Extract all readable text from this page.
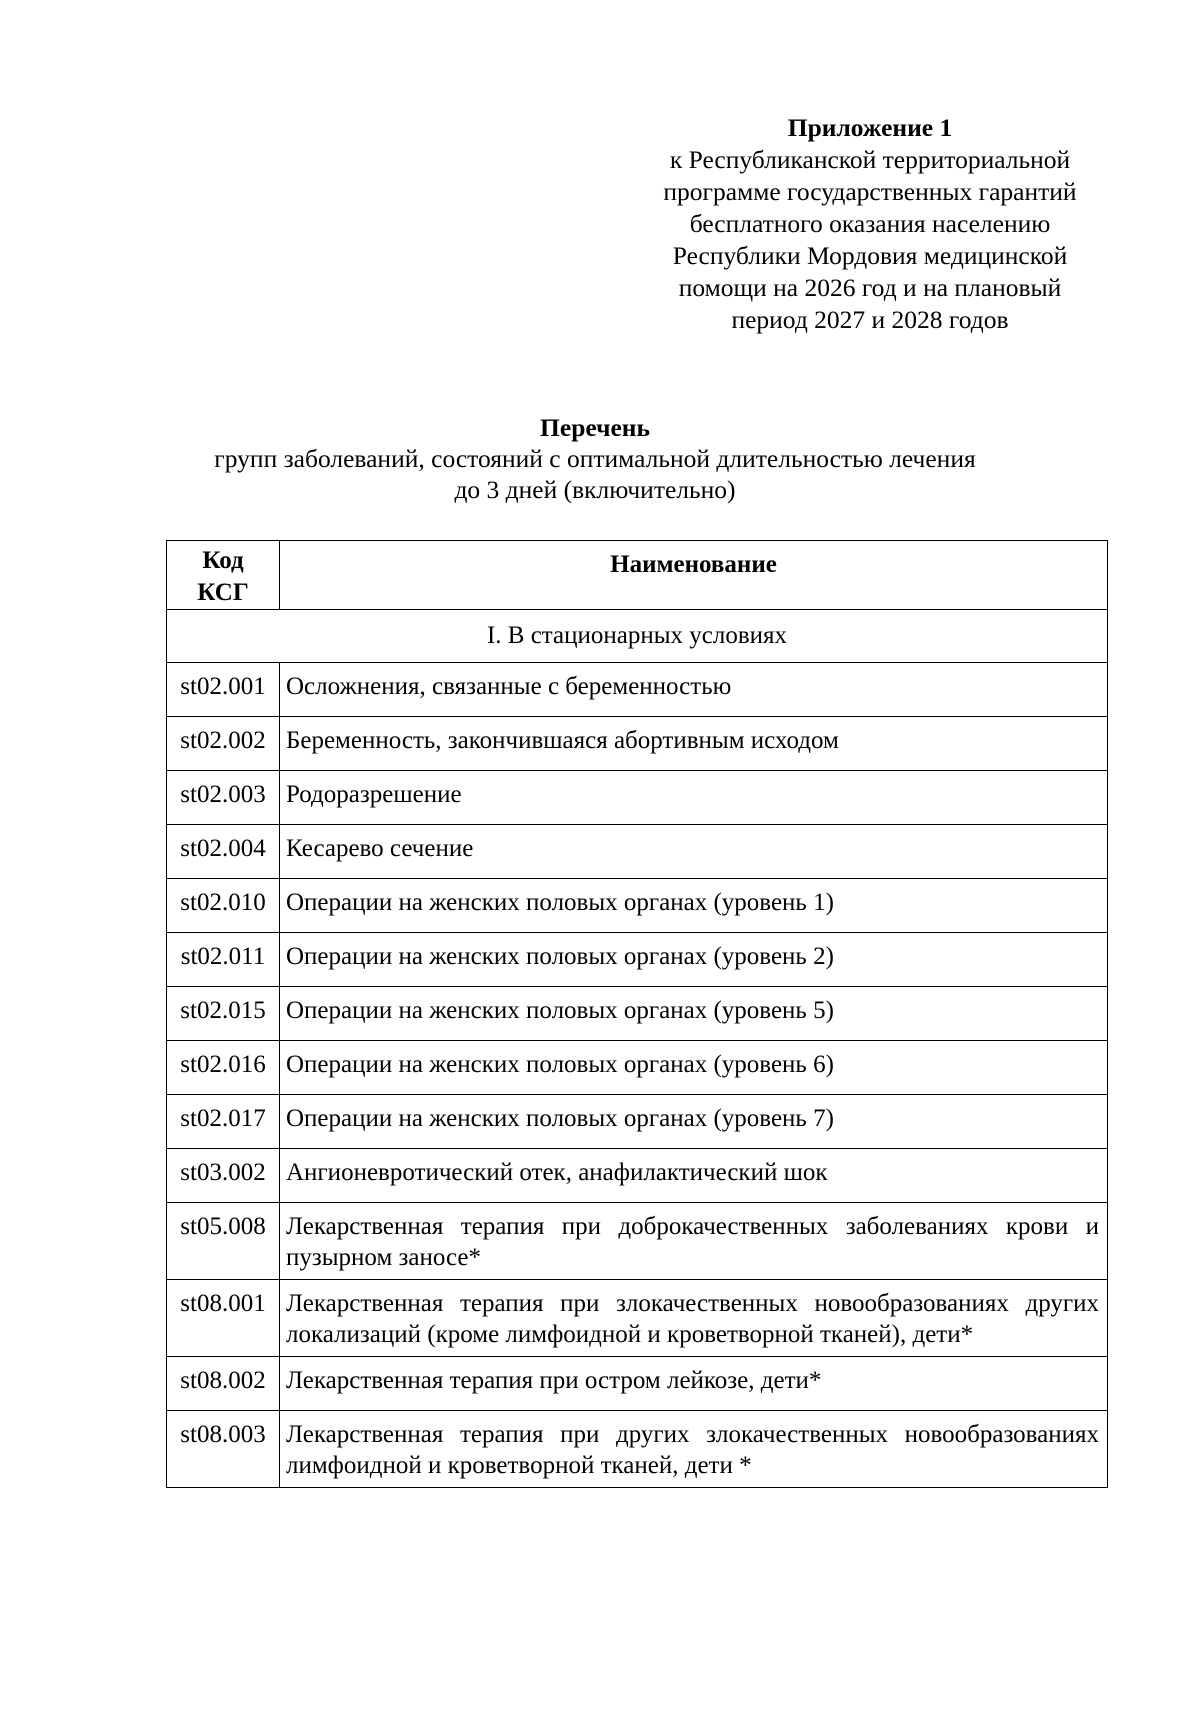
Приложение 1
к Республиканской территориальной
программе государственных гарантий
бесплатного оказания населению
Республики Мордовия медицинской
помощи на 2026 год и на плановый
период 2027 и 2028 годов
Перечень
групп заболеваний, состояний с оптимальной длительностью лечения
до 3 дней (включительно)
Код
КСГ	Наименование
I. В стационарных условиях	
st02.001	Осложнения, связанные с беременностью
st02.002	Беременность, закончившаяся абортивным исходом
st02.003	Родоразрешение
st02.004	Кесарево сечение
st02.010	Операции на женских половых органах (уровень 1)
st02.011	Операции на женских половых органах (уровень 2)
st02.015	Операции на женских половых органах (уровень 5)
st02.016	Операции на женских половых органах (уровень 6)
st02.017	Операции на женских половых органах (уровень 7)
st03.002	Ангионевротический отек, анафилактический шок
st05.008	Лекарственная терапия при доброкачественных заболеваниях крови и пузырном заносе*
st08.001	Лекарственная терапия при злокачественных новообразованиях других локализаций (кроме лимфоидной и кроветворной тканей), дети*
st08.002	Лекарственная терапия при остром лейкозе, дети*
st08.003	Лекарственная терапия при других злокачественных новообразованиях лимфоидной и кроветворной тканей, дети *
